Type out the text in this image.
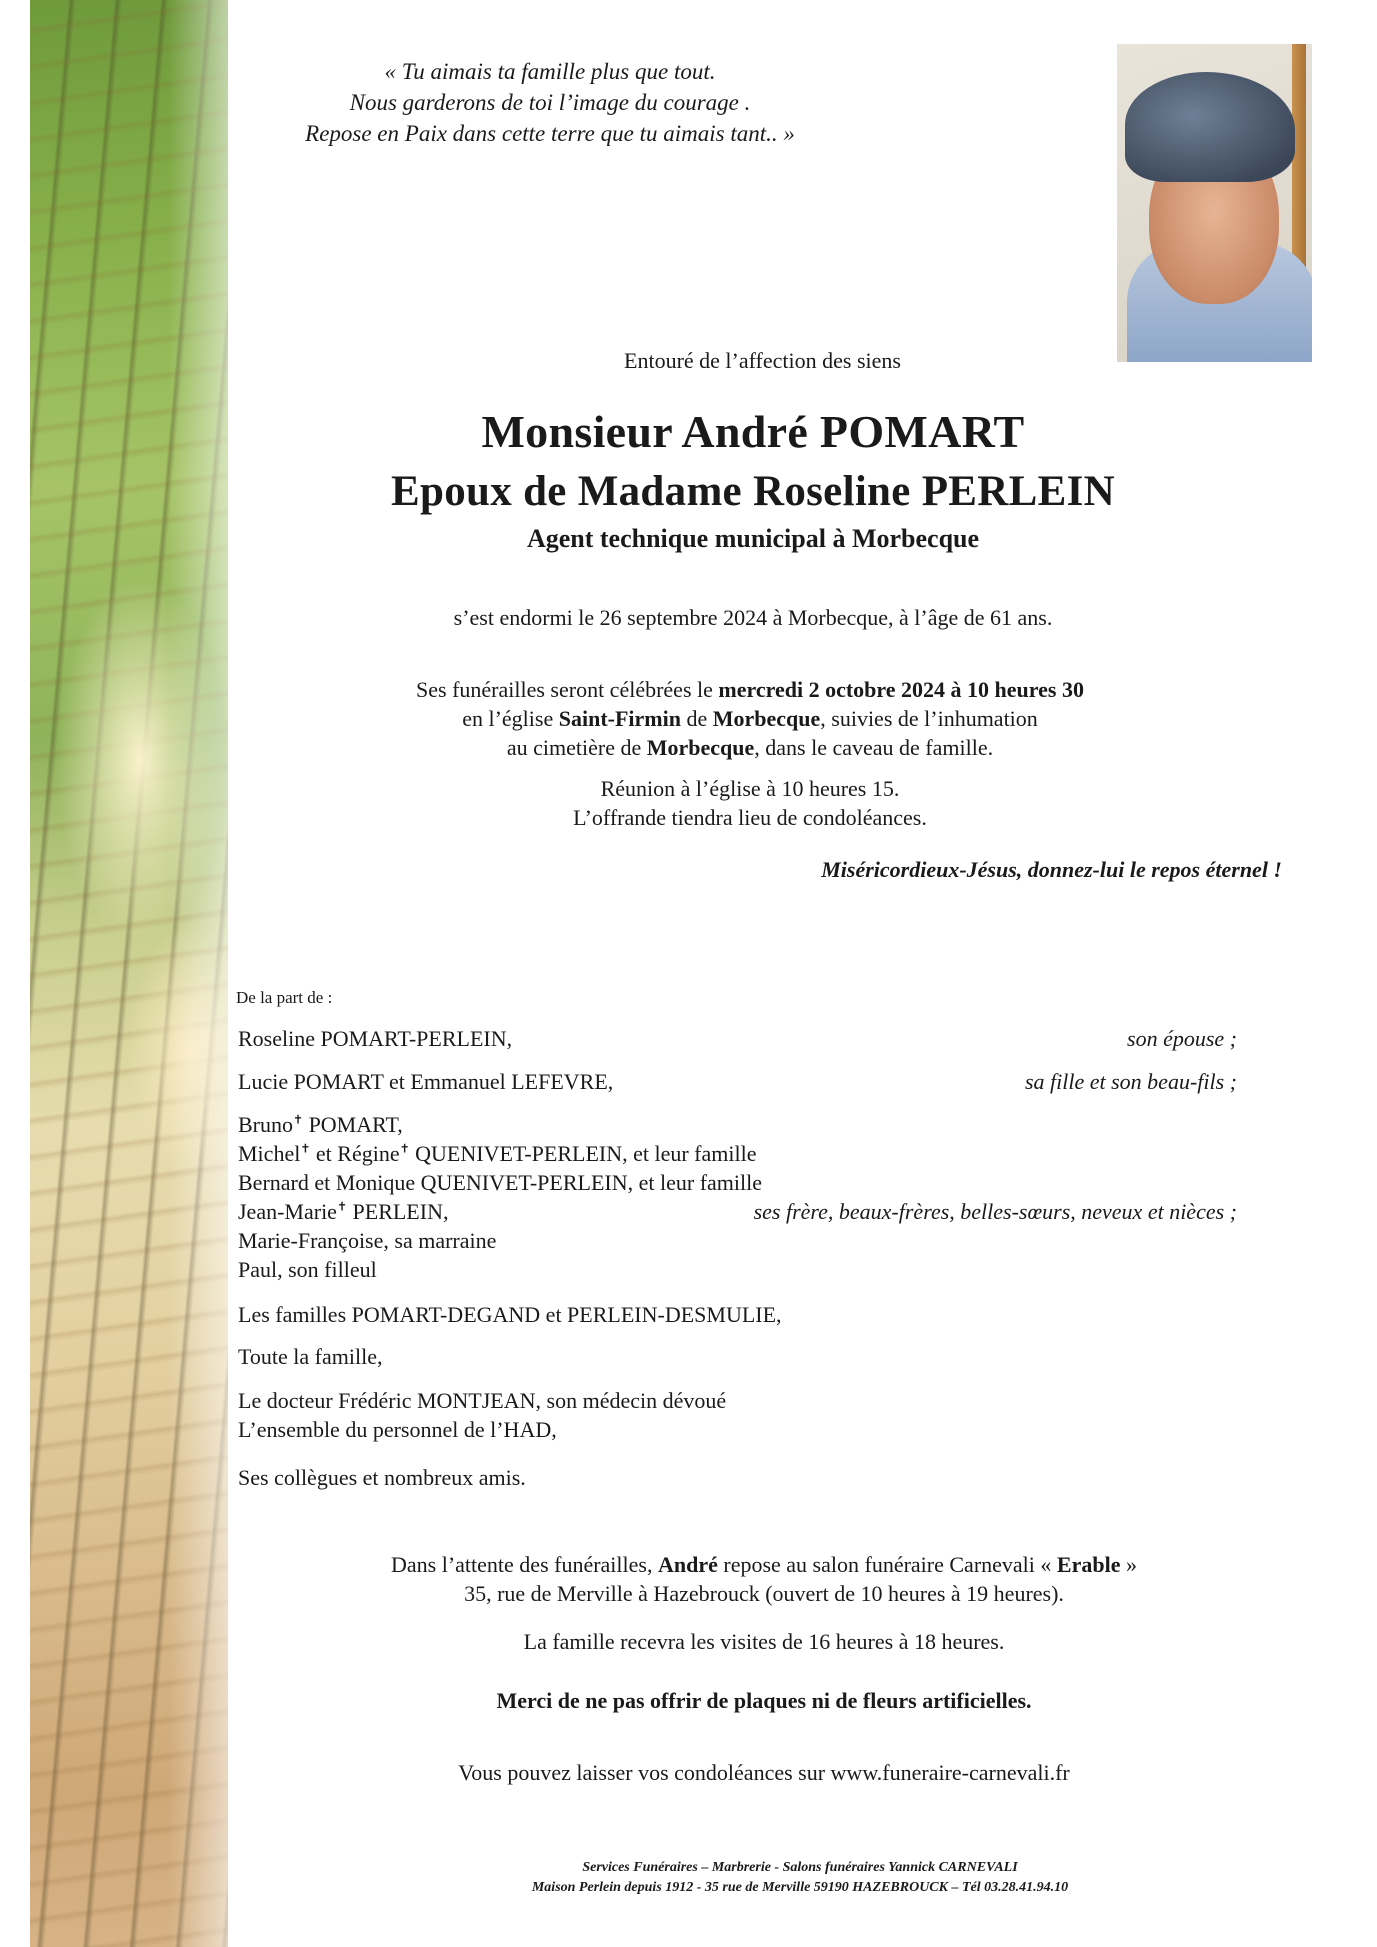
« Tu aimais ta famille plus que tout.
Nous garderons de toi l’image du courage .
Repose en Paix dans cette terre que tu aimais tant.. »
Entouré de l’affection des siens
Monsieur André POMART
Epoux de Madame Roseline PERLEIN
Agent technique municipal à Morbecque
s’est endormi le 26 septembre 2024 à Morbecque, à l’âge de 61 ans.
Ses funérailles seront célébrées le mercredi 2 octobre 2024 à 10 heures 30
en l’église Saint-Firmin de Morbecque, suivies de l’inhumation
au cimetière de Morbecque, dans le caveau de famille.
Réunion à l’église à 10 heures 15.
L’offrande tiendra lieu de condoléances.
Miséricordieux-Jésus, donnez-lui le repos éternel !
De la part de :
Roseline POMART-PERLEIN,	son épouse ;
Lucie POMART et Emmanuel LEFEVRE,	sa fille et son beau-fils ;
Bruno✝ POMART,
Michel✝ et Régine✝ QUENIVET-PERLEIN, et leur famille
Bernard et Monique QUENIVET-PERLEIN, et leur famille
Jean-Marie✝ PERLEIN,	ses frère, beaux-frères, belles-sœurs, neveux et nièces ;
Marie-Françoise, sa marraine
Paul, son filleul
Les familles POMART-DEGAND et PERLEIN-DESMULIE,
Toute la famille,
Le docteur Frédéric MONTJEAN, son médecin dévoué
L’ensemble du personnel de l’HAD,
Ses collègues et nombreux amis.
Dans l’attente des funérailles, André repose au salon funéraire Carnevali « Erable »
35, rue de Merville à Hazebrouck (ouvert de 10 heures à 19 heures).
La famille recevra les visites de 16 heures à 18 heures.
Merci de ne pas offrir de plaques ni de fleurs artificielles.
Vous pouvez laisser vos condoléances sur www.funeraire-carnevali.fr
Services Funéraires – Marbrerie - Salons funéraires Yannick CARNEVALI
Maison Perlein depuis 1912 - 35 rue de Merville 59190 HAZEBROUCK – Tél 03.28.41.94.10
